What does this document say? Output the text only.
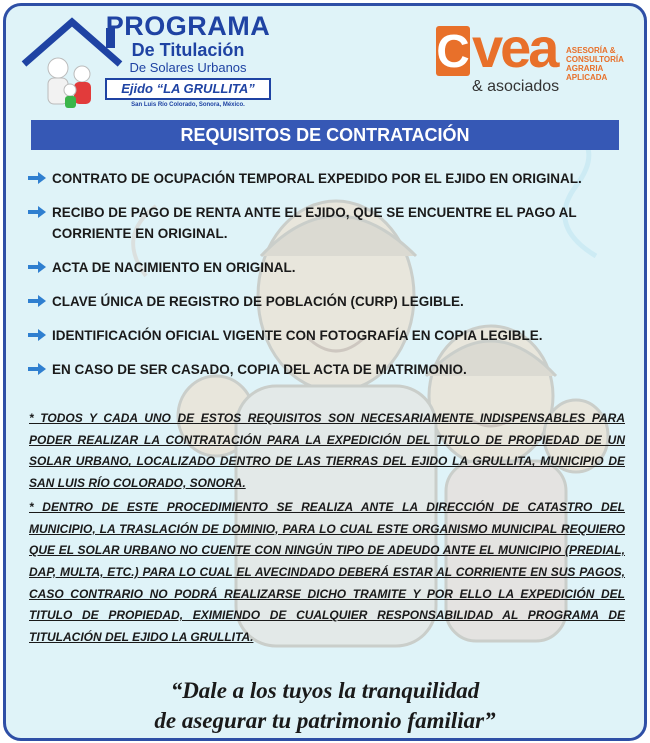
PROGRAMA
De Titulación
De Solares Urbanos
Ejido “LA GRULLITA”
San Luis Río Colorado, Sonora, México.
C vea ASESORÍA & CONSULTORÍA AGRARIA APLICADA
& asociados
REQUISITOS DE CONTRATACIÓN
CONTRATO DE OCUPACIÓN TEMPORAL EXPEDIDO POR EL EJIDO EN ORIGINAL.
RECIBO DE PAGO DE RENTA ANTE EL EJIDO, QUE SE ENCUENTRE EL PAGO AL CORRIENTE EN ORIGINAL.
ACTA DE NACIMIENTO EN ORIGINAL.
CLAVE ÚNICA DE REGISTRO DE POBLACIÓN (CURP) LEGIBLE.
IDENTIFICACIÓN OFICIAL VIGENTE CON FOTOGRAFÍA EN COPIA LEGIBLE.
EN CASO DE SER CASADO, COPIA DEL ACTA DE MATRIMONIO.

* TODOS Y CADA UNO DE ESTOS REQUISITOS SON NECESARIAMENTE INDISPENSABLES PARA PODER REALIZAR LA CONTRATACIÓN PARA LA EXPEDICIÓN DEL TITULO DE PROPIEDAD DE UN SOLAR URBANO, LOCALIZADO DENTRO DE LAS TIERRAS DEL EJIDO LA GRULLITA, MUNICIPIO DE SAN LUIS RÍO COLORADO, SONORA.

* DENTRO DE ESTE PROCEDIMIENTO SE REALIZA ANTE LA DIRECCIÓN DE CATASTRO DEL MUNICIPIO, LA TRASLACIÓN DE DOMINIO, PARA LO CUAL ESTE ORGANISMO MUNICIPAL REQUIERO QUE EL SOLAR URBANO NO CUENTE CON NINGÚN TIPO DE ADEUDO ANTE EL MUNICIPIO (PREDIAL, DAP, MULTA, ETC.) PARA LO CUAL EL AVECINDADO DEBERÁ ESTAR AL CORRIENTE EN SUS PAGOS, CASO CONTRARIO NO PODRÁ REALIZARSE DICHO TRAMITE Y POR ELLO LA EXPEDICIÓN DEL TITULO DE PROPIEDAD, EXIMIENDO DE CUALQUIER RESPONSABILIDAD AL PROGRAMA DE TITULACIÓN DEL EJIDO LA GRULLITA.

“Dale a los tuyos la tranquilidad
de asegurar tu patrimonio familiar”
